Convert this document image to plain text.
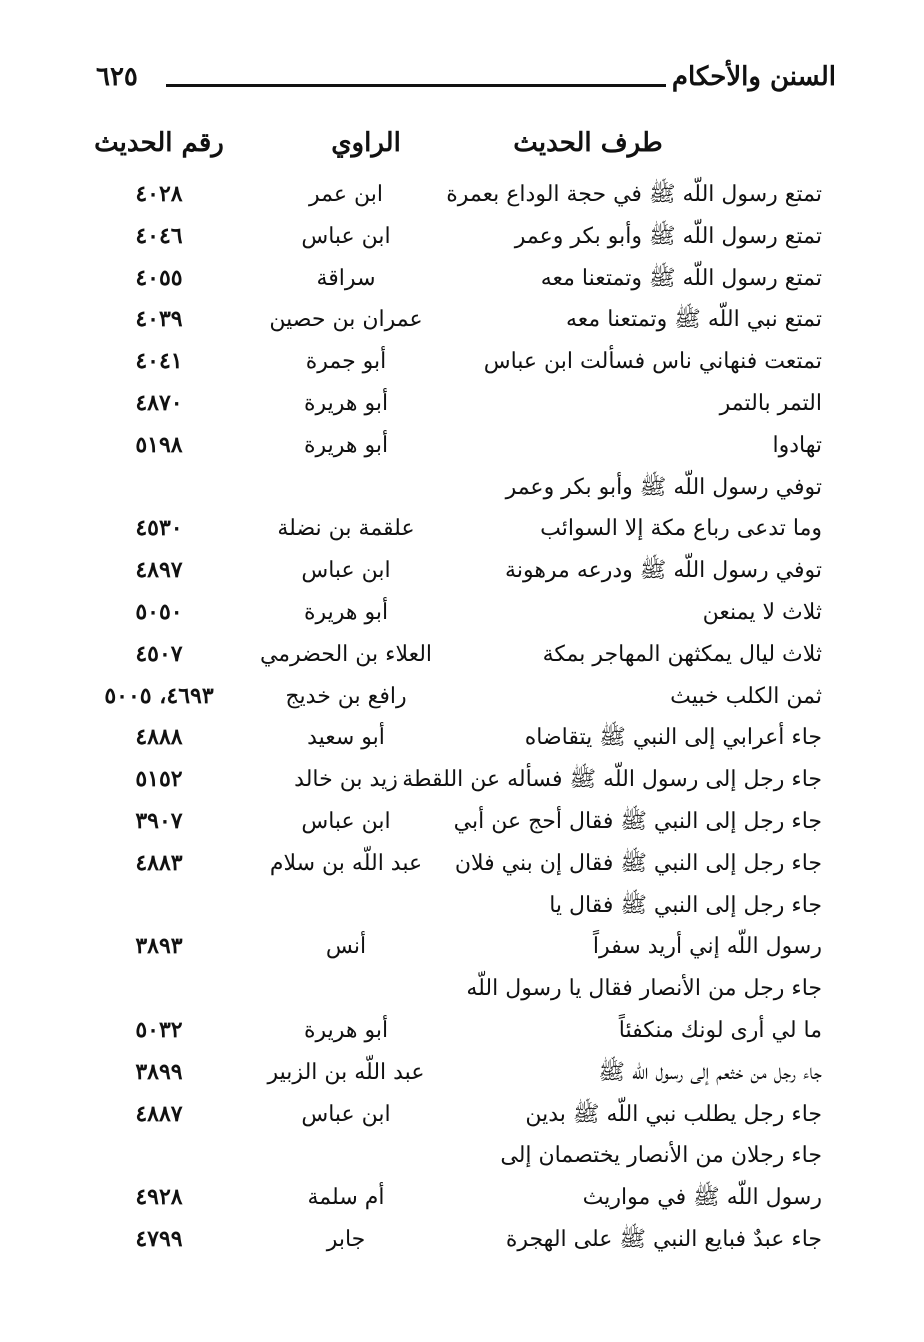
السنن والأحكام
٦٢٥
طرف الحديث
الراوي
رقم الحديث
تمتع رسول اللّه ﷺ في حجة الوداع بعمرة
ابن عمر
٤٠٢٨
تمتع رسول اللّه ﷺ وأبو بكر وعمر
ابن عباس
٤٠٤٦
تمتع رسول اللّه ﷺ وتمتعنا معه
سراقة
٤٠٥٥
تمتع نبي اللّه ﷺ وتمتعنا معه
عمران بن حصين
٤٠٣٩
تمتعت فنهاني ناس فسألت ابن عباس
أبو جمرة
٤٠٤١
التمر بالتمر
أبو هريرة
٤٨٧٠
تهادوا
أبو هريرة
٥١٩٨
توفي رسول اللّه ﷺ وأبو بكر وعمر
وما تدعى رباع مكة إلا السوائب
علقمة بن نضلة
٤٥٣٠
توفي رسول اللّه ﷺ ودرعه مرهونة
ابن عباس
٤٨٩٧
ثلاث لا يمنعن
أبو هريرة
٥٠٥٠
ثلاث ليال يمكثهن المهاجر بمكة
العلاء بن الحضرمي
٤٥٠٧
ثمن الكلب خبيث
رافع بن خديج
٤٦٩٣، ٥٠٠٥
جاء أعرابي إلى النبي ﷺ يتقاضاه
أبو سعيد
٤٨٨٨
جاء رجل إلى رسول اللّه ﷺ فسأله عن اللقطة
زيد بن خالد
٥١٥٢
جاء رجل إلى النبي ﷺ فقال أحج عن أبي
ابن عباس
٣٩٠٧
جاء رجل إلى النبي ﷺ فقال إن بني فلان
عبد اللّه بن سلام
٤٨٨٣
جاء رجل إلى النبي ﷺ فقال يا
رسول اللّه إني أريد سفراً
أنس
٣٨٩٣
جاء رجل من الأنصار فقال يا رسول اللّه
ما لي أرى لونك منكفئاً
أبو هريرة
٥٠٣٢
جاء رجل من خثعم إلى رسول اللّه ﷺ
عبد اللّه بن الزبير
٣٨٩٩
جاء رجل يطلب نبي اللّه ﷺ بدين
ابن عباس
٤٨٨٧
جاء رجلان من الأنصار يختصمان إلى
رسول اللّه ﷺ في مواريث
أم سلمة
٤٩٢٨
جاء عبدٌ فبايع النبي ﷺ على الهجرة
جابر
٤٧٩٩
